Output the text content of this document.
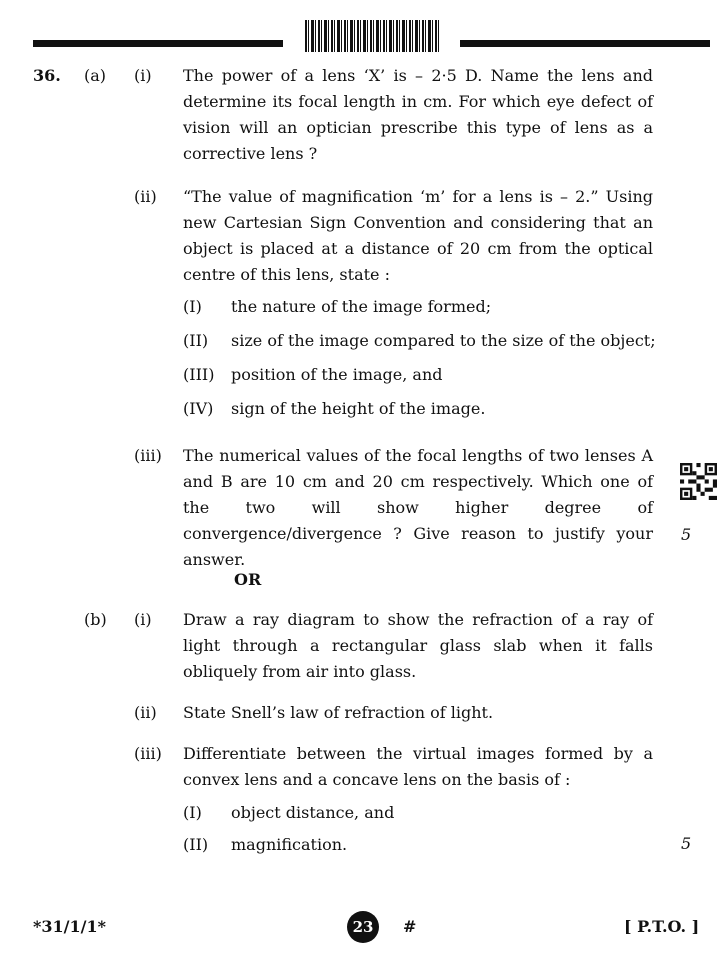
36. (a) (i) The power of a lens ‘X’ is – 2·5 D. Name the lens and determine its focal length in cm. For which eye defect of vision will an optician prescribe this type of lens as a corrective lens ?
(ii) “The value of magnification ‘m’ for a lens is – 2.” Using new Cartesian Sign Convention and considering that an object is placed at a distance of 20 cm from the optical centre of this lens, state :
(I) the nature of the image formed;
(II) size of the image compared to the size of the object;
(III) position of the image, and
(IV) sign of the height of the image.
(iii) The numerical values of the focal lengths of two lenses A and B are 10 cm and 20 cm respectively. Which one of the two will show higher degree of convergence/divergence ? Give reason to justify your answer.
5
OR
(b) (i) Draw a ray diagram to show the refraction of a ray of light through a rectangular glass slab when it falls obliquely from air into glass.
(ii) State Snell’s law of refraction of light.
(iii) Differentiate between the virtual images formed by a convex lens and a concave lens on the basis of :
(I) object distance, and
(II) magnification.	5
*31/1/1*	23	#	[ P.T.O. ]
